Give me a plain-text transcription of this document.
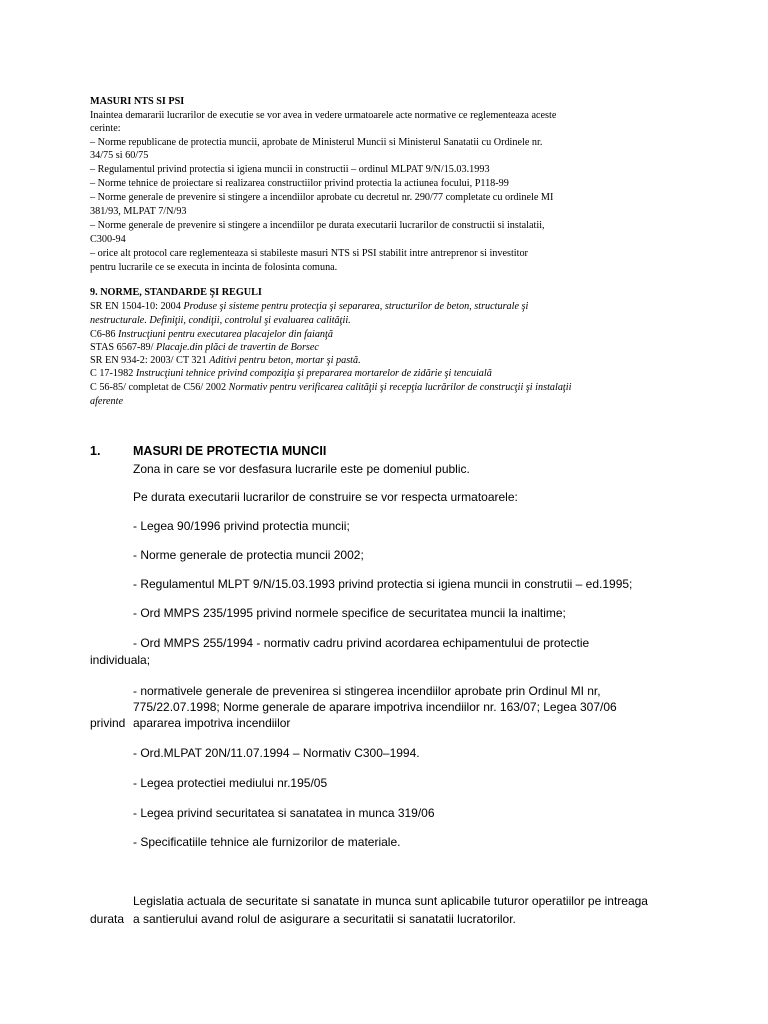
MASURI NTS SI PSI
Inaintea demararii lucrarilor de executie se vor avea in vedere urmatoarele acte normative ce reglementeaza aceste
cerinte:
– Norme republicane de protectia muncii, aprobate de Ministerul Muncii si Ministerul Sanatatii cu Ordinele nr.
34/75 si 60/75
– Regulamentul privind protectia si igiena muncii in constructii – ordinul MLPAT 9/N/15.03.1993
– Norme tehnice de proiectare si realizarea constructiilor privind protectia la actiunea focului, P118-99
– Norme generale de prevenire si stingere a incendiilor aprobate cu decretul nr. 290/77 completate cu ordinele MI
381/93, MLPAT 7/N/93
– Norme generale de prevenire si stingere a incendiilor pe durata executarii lucrarilor de constructii si instalatii,
C300-94
– orice alt protocol care reglementeaza si stabileste masuri NTS si PSI stabilit intre antreprenor si investitor
pentru lucrarile ce se executa in incinta de folosinta comuna.
9. NORME, STANDARDE ŞI REGULI
SR EN 1504-10: 2004 Produse şi sisteme pentru protecţia şi separarea, structurilor de beton, structurale şi
nestructurale. Definiţii, condiţii, controlul şi evaluarea calităţii.
C6-86 Instrucţiuni pentru executarea placajelor din faianţă
STAS 6567-89/ Placaje.din plăci de travertin de Borsec
SR EN 934-2: 2003/ CT 321 Aditivi pentru beton, mortar şi pastă.
C 17-1982 Instrucţiuni tehnice privind compoziţia şi prepararea mortarelor de zidărie şi tencuială
C 56-85/ completat de C56/ 2002 Normativ pentru verificarea calităţii şi recepţia lucrărilor de construcţii şi instalaţii
aferente
1.	MASURI DE PROTECTIA MUNCII
Zona in care se vor desfasura lucrarile este pe domeniul public.
Pe durata executarii lucrarilor de construire se vor respecta urmatoarele:
- Legea 90/1996 privind protectia muncii;
- Norme generale de protectia muncii 2002;
- Regulamentul MLPT 9/N/15.03.1993 privind protectia si igiena muncii in construtii – ed.1995;
- Ord MMPS 235/1995 privind normele specifice de securitatea muncii la inaltime;
- Ord MMPS 255/1994 - normativ cadru privind acordarea echipamentului de protectie
individuala;
- normativele generale de prevenirea si stingerea incendiilor aprobate prin Ordinul MI nr,
775/22.07.1998; Norme generale de aparare impotriva incendiilor nr. 163/07; Legea 307/06
privind apararea impotriva incendiilor
- Ord.MLPAT 20N/11.07.1994 – Normativ C300–1994.
- Legea protectiei mediului nr.195/05
- Legea privind securitatea si sanatatea in munca 319/06
- Specificatiile tehnice ale furnizorilor de materiale.
Legislatia actuala de securitate si sanatate in munca sunt aplicabile tuturor operatiilor pe intreaga
durata a santierului avand rolul de asigurare a securitatii si sanatatii lucratorilor.
